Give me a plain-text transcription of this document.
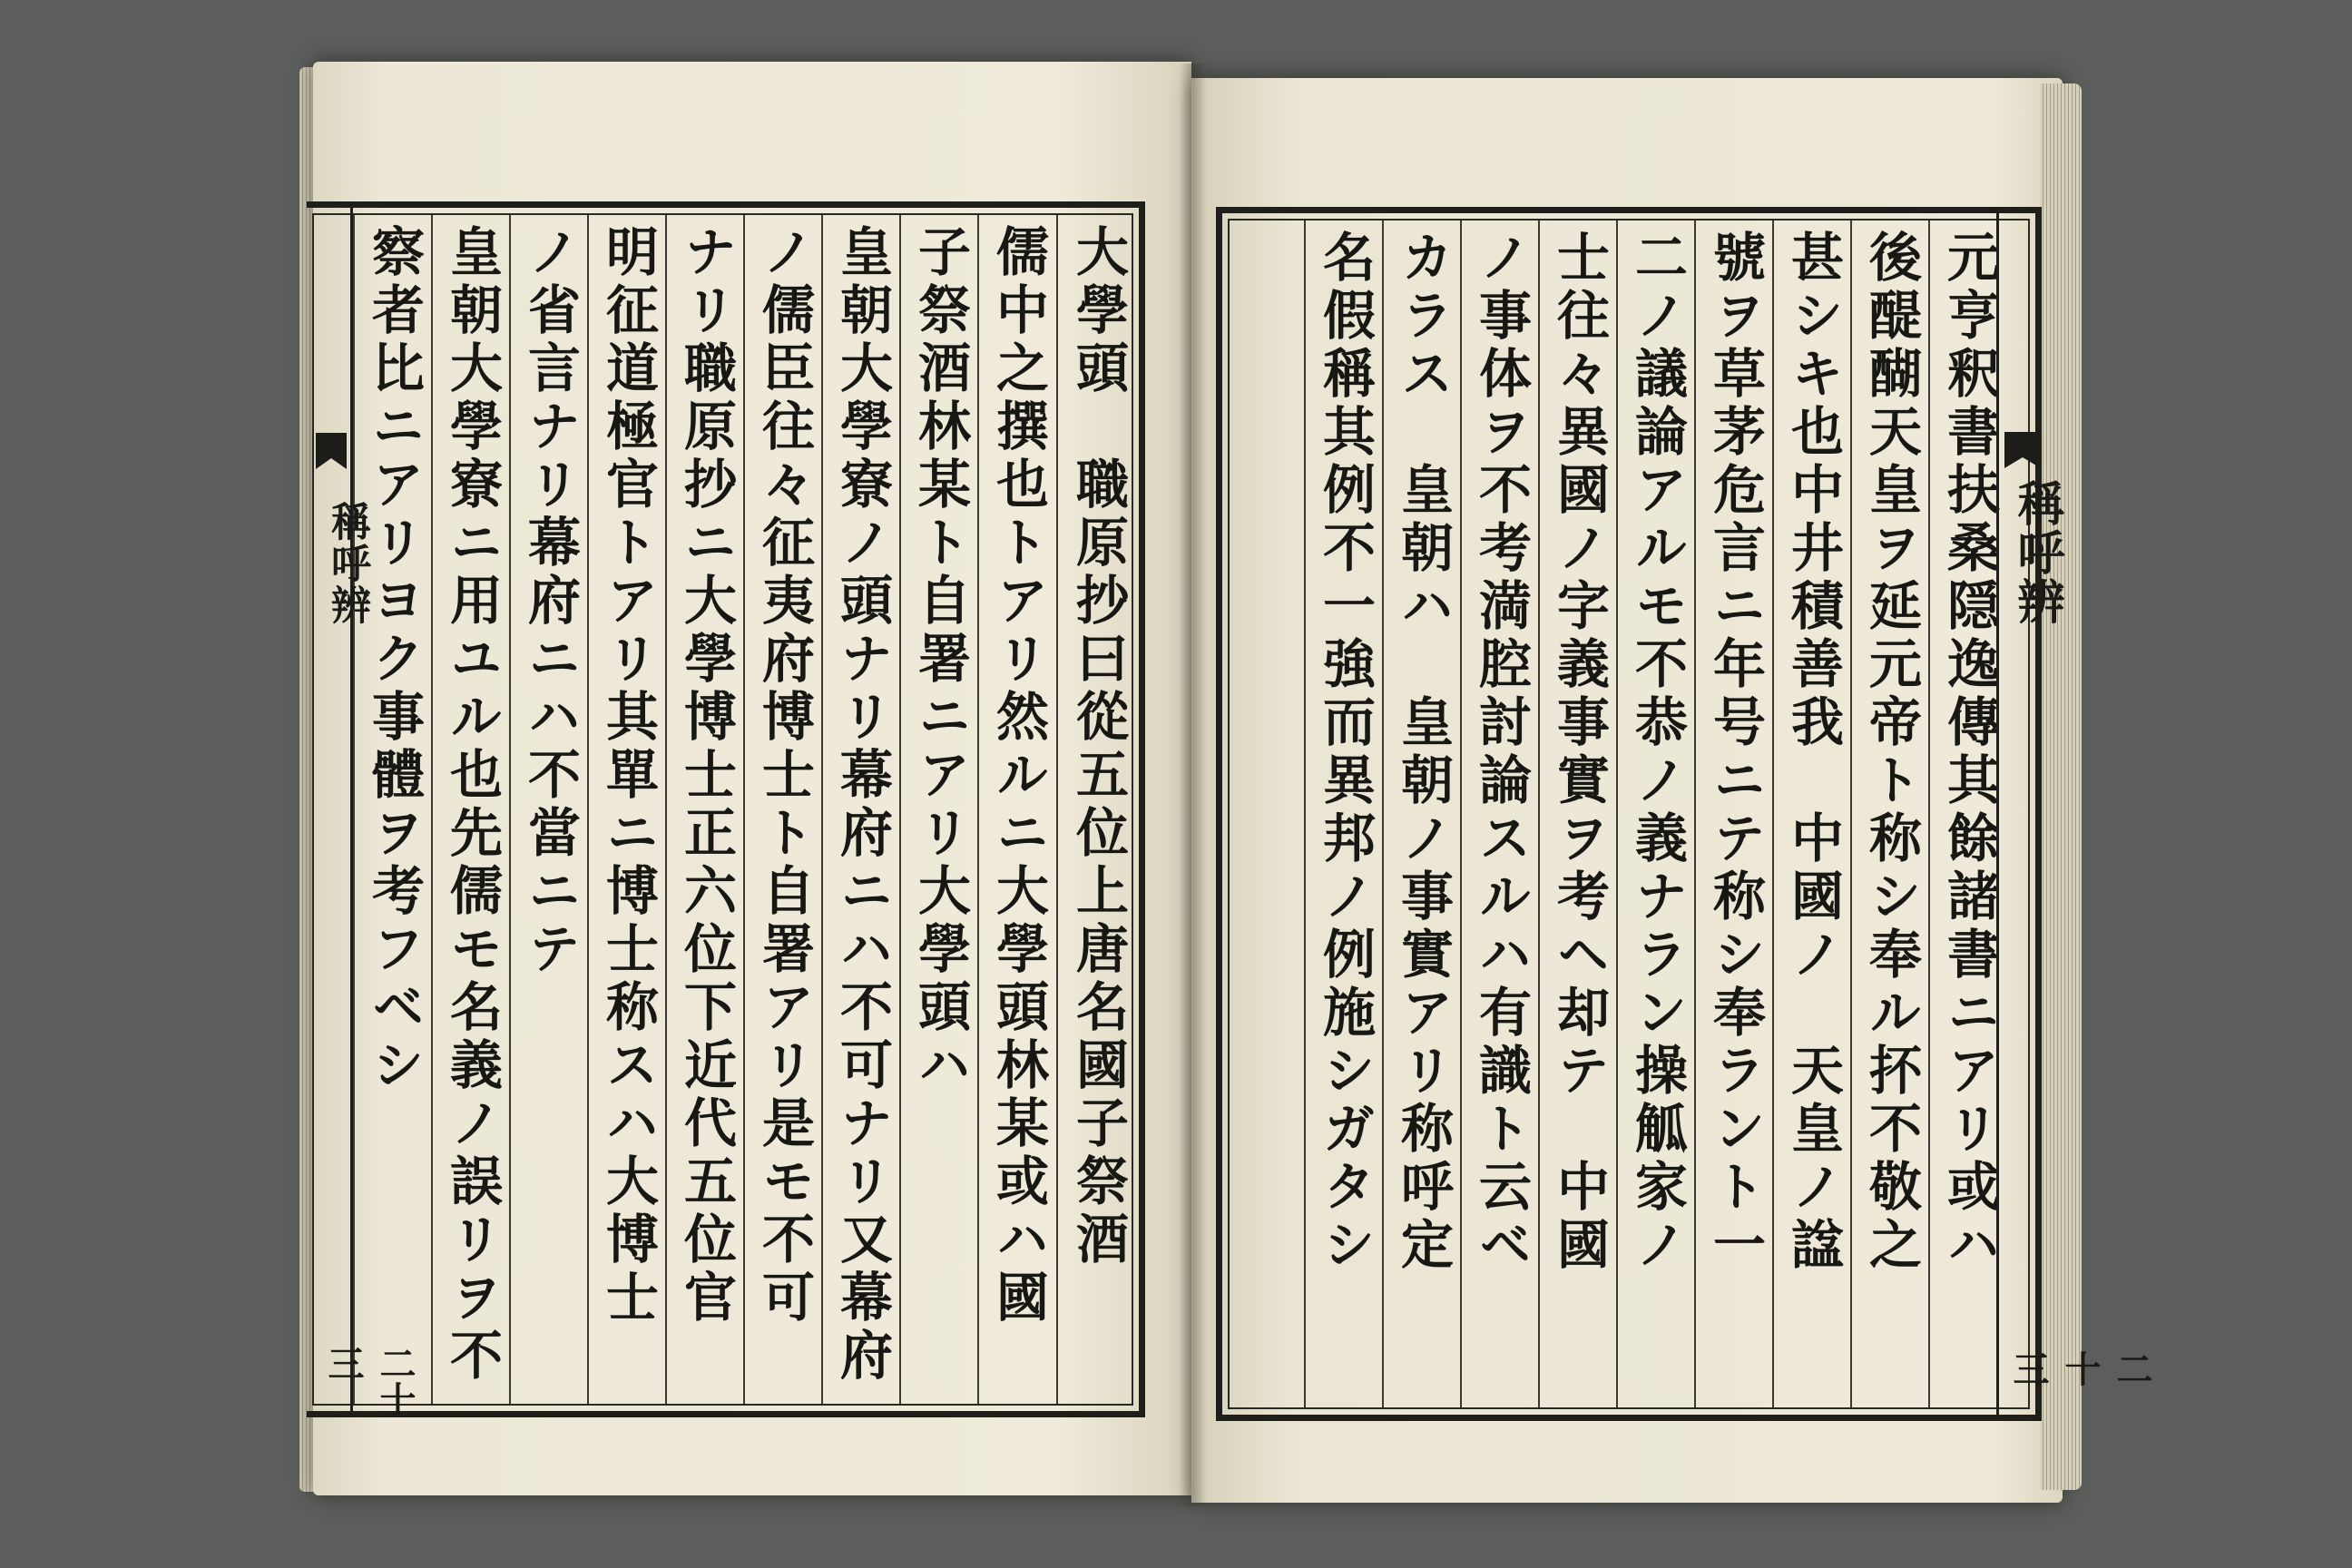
大學頭　職原抄曰從五位上唐名國子祭酒
儒中之撰也トアリ然ルニ大學頭林某或ハ國
子祭酒林某ト自署ニアリ大學頭ハ
皇朝大學寮ノ頭ナリ幕府ニハ不可ナリ又幕府
ノ儒臣往々征夷府博士ト自署アリ是モ不可
ナリ職原抄ニ大學博士正六位下近代五位官
明征道極官トアリ其單ニ博士称スハ大博士
ノ省言ナリ幕府ニハ不當ニテ
皇朝大學寮ニ用ユル也先儒モ名義ノ誤リヲ不
察者比ニアリヨク事體ヲ考フベシ
稱呼辨
二十三
元亨釈書扶桑隠逸傳其餘諸書ニアリ或ハ
後醍醐天皇ヲ延元帝ト称シ奉ル抔不敬之
甚シキ也中井積善我　中國ノ　天皇ノ諡
號ヲ草茅危言ニ年号ニテ称シ奉ラント一
二ノ議論アルモ不恭ノ義ナラン操觚家ノ
士往々異國ノ字義事實ヲ考ヘ却テ　中國
ノ事体ヲ不考満腔討論スルハ有識ト云ベ
カラス　皇朝ハ　皇朝ノ事實アリ称呼定
名假稱其例不一強而異邦ノ例施シガタシ	稱呼辨
二十三
